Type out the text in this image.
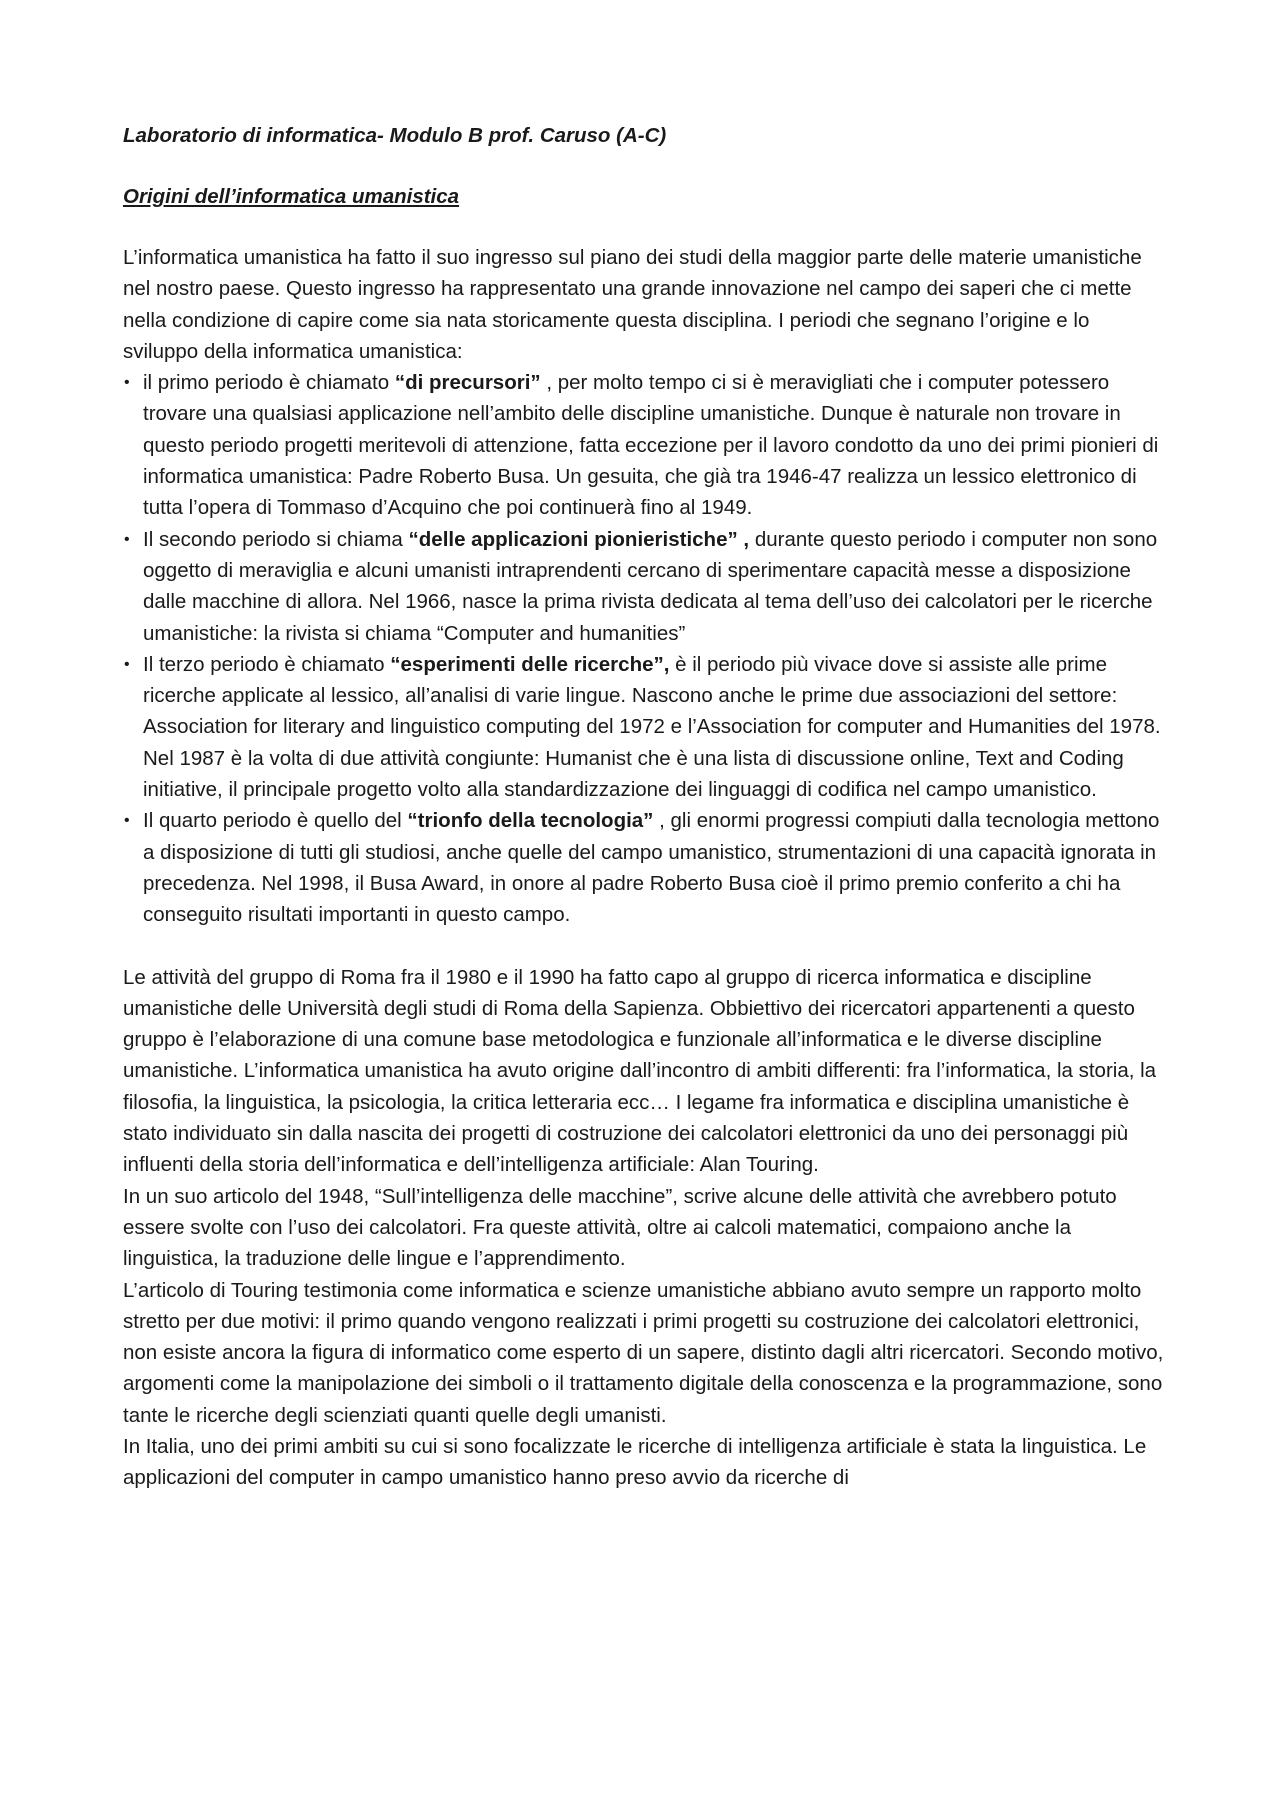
Laboratorio di informatica- Modulo B prof. Caruso (A-C)

Origini dell’informatica umanistica

L’informatica umanistica ha fatto il suo ingresso sul piano dei studi della maggior parte delle materie umanistiche nel nostro paese. Questo ingresso ha rappresentato una grande innovazione nel campo dei saperi che ci mette nella condizione di capire come sia nata storicamente questa disciplina. I periodi che segnano l’origine e lo sviluppo della informatica umanistica:

• il primo periodo è chiamato “di precursori” , per molto tempo ci si è meravigliati che i computer potessero trovare una qualsiasi applicazione nell’ambito delle discipline umanistiche. Dunque è naturale non trovare in questo periodo progetti meritevoli di attenzione, fatta eccezione per il lavoro condotto da uno dei primi pionieri di informatica umanistica: Padre Roberto Busa. Un gesuita, che già tra 1946-47 realizza un lessico elettronico di tutta l’opera di Tommaso d’Acquino che poi continuerà fino al 1949.
• Il secondo periodo si chiama “delle applicazioni pionieristiche” , durante questo periodo i computer non sono oggetto di meraviglia e alcuni umanisti intraprendenti cercano di sperimentare capacità messe a disposizione dalle macchine di allora. Nel 1966, nasce la prima rivista dedicata al tema dell’uso dei calcolatori per le ricerche umanistiche: la rivista si chiama “Computer and humanities”
• Il terzo periodo è chiamato “esperimenti delle ricerche”, è il periodo più vivace dove si assiste alle prime ricerche applicate al lessico, all’analisi di varie lingue. Nascono anche le prime due associazioni del settore: Association for literary and linguistico computing del 1972 e l’Association for computer and Humanities del 1978. Nel 1987 è la volta di due attività congiunte: Humanist che è una lista di discussione online, Text and Coding initiative, il principale progetto volto alla standardizzazione dei linguaggi di codifica nel campo umanistico.
• Il quarto periodo è quello del “trionfo della tecnologia” , gli enormi progressi compiuti dalla tecnologia mettono a disposizione di tutti gli studiosi, anche quelle del campo umanistico, strumentazioni di una capacità ignorata in precedenza. Nel 1998, il Busa Award, in onore al padre Roberto Busa cioè il primo premio conferito a chi ha conseguito risultati importanti in questo campo.

Le attività del gruppo di Roma fra il 1980 e il 1990 ha fatto capo al gruppo di ricerca informatica e discipline umanistiche delle Università degli studi di Roma della Sapienza. Obbiettivo dei ricercatori appartenenti a questo gruppo è l’elaborazione di una comune base metodologica e funzionale all’informatica e le diverse discipline umanistiche. L’informatica umanistica ha avuto origine dall’incontro di ambiti differenti: fra l’informatica, la storia, la filosofia, la linguistica, la psicologia, la critica letteraria ecc… I legame fra informatica e disciplina umanistiche è stato individuato sin dalla nascita dei progetti di costruzione dei calcolatori elettronici da uno dei personaggi più influenti della storia dell’informatica e dell’intelligenza artificiale: Alan Touring.

In un suo articolo del 1948, “Sull’intelligenza delle macchine”, scrive alcune delle attività che avrebbero potuto essere svolte con l’uso dei calcolatori. Fra queste attività, oltre ai calcoli matematici, compaiono anche la linguistica, la traduzione delle lingue e l’apprendimento.

L’articolo di Touring testimonia come informatica e scienze umanistiche abbiano avuto sempre un rapporto molto stretto per due motivi: il primo quando vengono realizzati i primi progetti su costruzione dei calcolatori elettronici, non esiste ancora la figura di informatico come esperto di un sapere, distinto dagli altri ricercatori. Secondo motivo, argomenti come la manipolazione dei simboli o il trattamento digitale della conoscenza e la programmazione, sono tante le ricerche degli scienziati quanti quelle degli umanisti.

In Italia, uno dei primi ambiti su cui si sono focalizzate le ricerche di intelligenza artificiale è stata la linguistica. Le applicazioni del computer in campo umanistico hanno preso avvio da ricerche di
